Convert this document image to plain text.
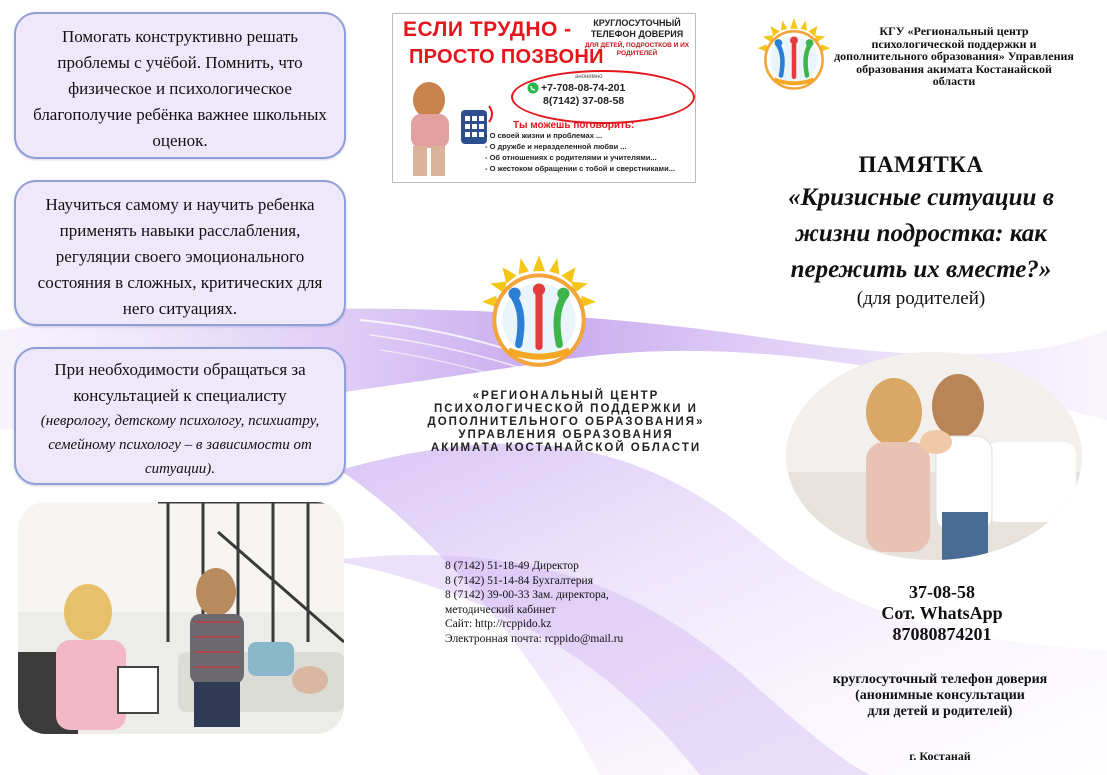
Помогать конструктивно решать проблемы с учёбой. Помнить, что физическое и психологическое благополучие ребёнка важнее школьных оценок.
Научиться самому и научить ребенка применять навыки расслабления, регуляции своего эмоционального состояния в сложных, критических для него ситуациях.
При необходимости обращаться за консультацией к специалисту
(неврологу, детскому психологу, психиатру, семейному психологу – в зависимости от ситуации).
ЕСЛИ ТРУДНО -
ПРОСТО ПОЗВОНИ
КРУГЛОСУТОЧНЫЙ ТЕЛЕФОН ДОВЕРИЯ
ДЛЯ ДЕТЕЙ, ПОДРОСТКОВ И ИХ РОДИТЕЛЕЙ
анонимно
+7-708-08-74-201
8(7142) 37-08-58
Ты можешь поговорить:
- О своей жизни и проблемах ...
- О дружбе и неразделенной любви ...
- Об отношениях с родителями и учителями...
- О жестоком обращении с тобой и сверстниками...
КГУ «Региональный центр психологической поддержки и дополнительного образования» Управления образования акимата Костанайской области
ПАМЯТКА
«Кризисные ситуации в жизни подростка: как пережить их вместе?»
(для родителей)
«РЕГИОНАЛЬНЫЙ ЦЕНТР ПСИХОЛОГИЧЕСКОЙ ПОДДЕРЖКИ И ДОПОЛНИТЕЛЬНОГО ОБРАЗОВАНИЯ» УПРАВЛЕНИЯ ОБРАЗОВАНИЯ АКИМАТА КОСТАНАЙСКОЙ ОБЛАСТИ
8 (7142) 51-18-49 Директор
8 (7142) 51-14-84 Бухгалтерия
8 (7142) 39-00-33 Зам. директора,
методический кабинет
Сайт: http://rcppido.kz
Электронная почта: rcppido@mail.ru
37-08-58
Сот. WhatsApp
87080874201
круглосуточный телефон доверия
(анонимные консультации
для детей и родителей)
г. Костанай
